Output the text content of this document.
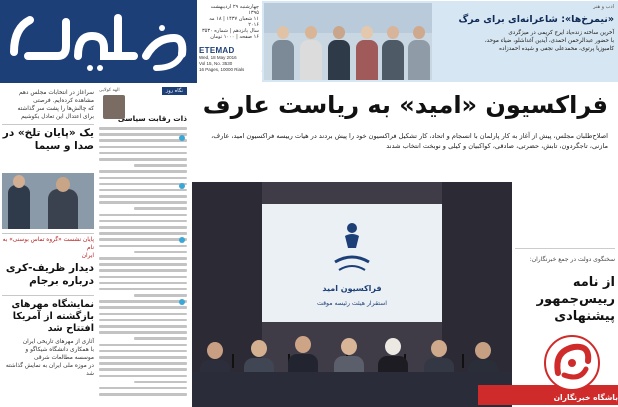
چهارشنبه ۲۹ اردیبهشت ۱۳۹۵
۱۱ شعبان ۱۴۳۷ | ۱۸ مه ۲۰۱۶
سال پانزدهم | شماره ۳۵۳۰
۱۶ صفحه | ۱۰۰۰ تومان
ETEMAD
Wed, 18 May 2016
Vol 15, No. 3530
16 Pages, 10000 Rials
ادب و هنر
«نیمرخ‌ها»: شاعرانه‌ای برای مرگ
آخرین ساخته زنده‌یاد ایرج کریمی در میزگردی
با حضور عبدالرحمن احمدی، آیدین آغداشلو، ضیاء موحد،
کامبوزیا پرتوی، محمدعلی نجفی و شیده احمدزاده
سراغاز در انتخابات مجلس دهم
مشاهده کرده‌ایم. فرصتی
که چالش‌ها را پشت سر گذاشته
برای اعتدال این تعادل بکوشیم
یک «پایان تلخ» در صدا و سیما
پایان نشست «گروه تماس بوسنی» به نام
ایران
دیدار ظریف-کری درباره برجام
نمایشگاه مهرهای بازگشته از آمریکا افتتاح شد
آثاری از مهرهای تاریخی ایران
با همکاری دانشگاه شیکاگو و
موسسه مطالعات شرقی
در موزه ملی ایران به نمایش گذاشته شد
نگاه روز
الهه کولایی
ذات رقابت سیاسی فراکسیون «امید» به ریاست عارف
اصلاح‌طلبان مجلس، پیش از آغاز به کار پارلمان با انسجام و اتحاد، کار تشکیل فراکسیون خود را پیش بردند در هیات رییسه فراکسیون امید، عارف، مازنی، تاجگردون، تابش، حضرتی، صادقی، کواکبیان و کیلی و نوبخت انتخاب شدند
فراکسیون امید
استقرار هیئت رئیسه موقت
سخنگوی دولت در جمع خبرنگاران:
از نامه رییس‌جمهور پیشنهادی
باشگاه خبرنگاران
